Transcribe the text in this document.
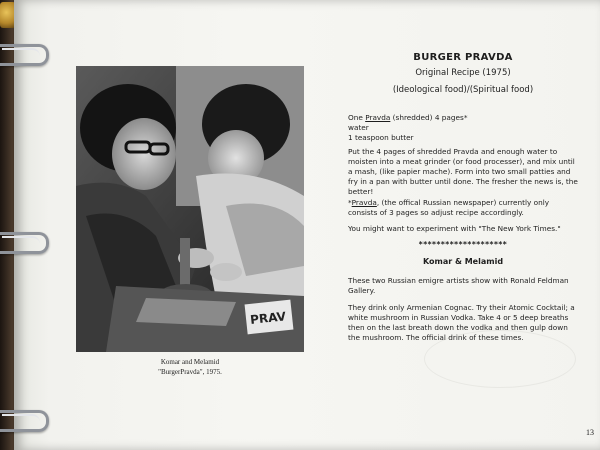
PRAV
Komar and Melamid
"BurgerPravda", 1975.
BURGER PRAVDA
Original Recipe (1975)
(Ideological food)/(Spiritual food)
One Pravda (shredded) 4 pages*
water
1 teaspoon butter
Put the 4 pages of shredded Pravda and enough water to moisten into a meat grinder (or food processer), and mix until a mash, (like papier mache). Form into two small patties and fry in a pan with butter until done. The fresher the news is, the better!
*Pravda, (the offical Russian newspaper) currently only consists of 3 pages so adjust recipe accordingly.
You might want to experiment with "The New York Times."
********************
Komar & Melamid
These two Russian emigre artists show with Ronald Feldman Gallery.
They drink only Armenian Cognac. Try their Atomic Cocktail; a white mushroom in Russian Vodka. Take 4 or 5 deep breaths then on the last breath down the vodka and then gulp down the mushroom. The official drink of these times.
13
